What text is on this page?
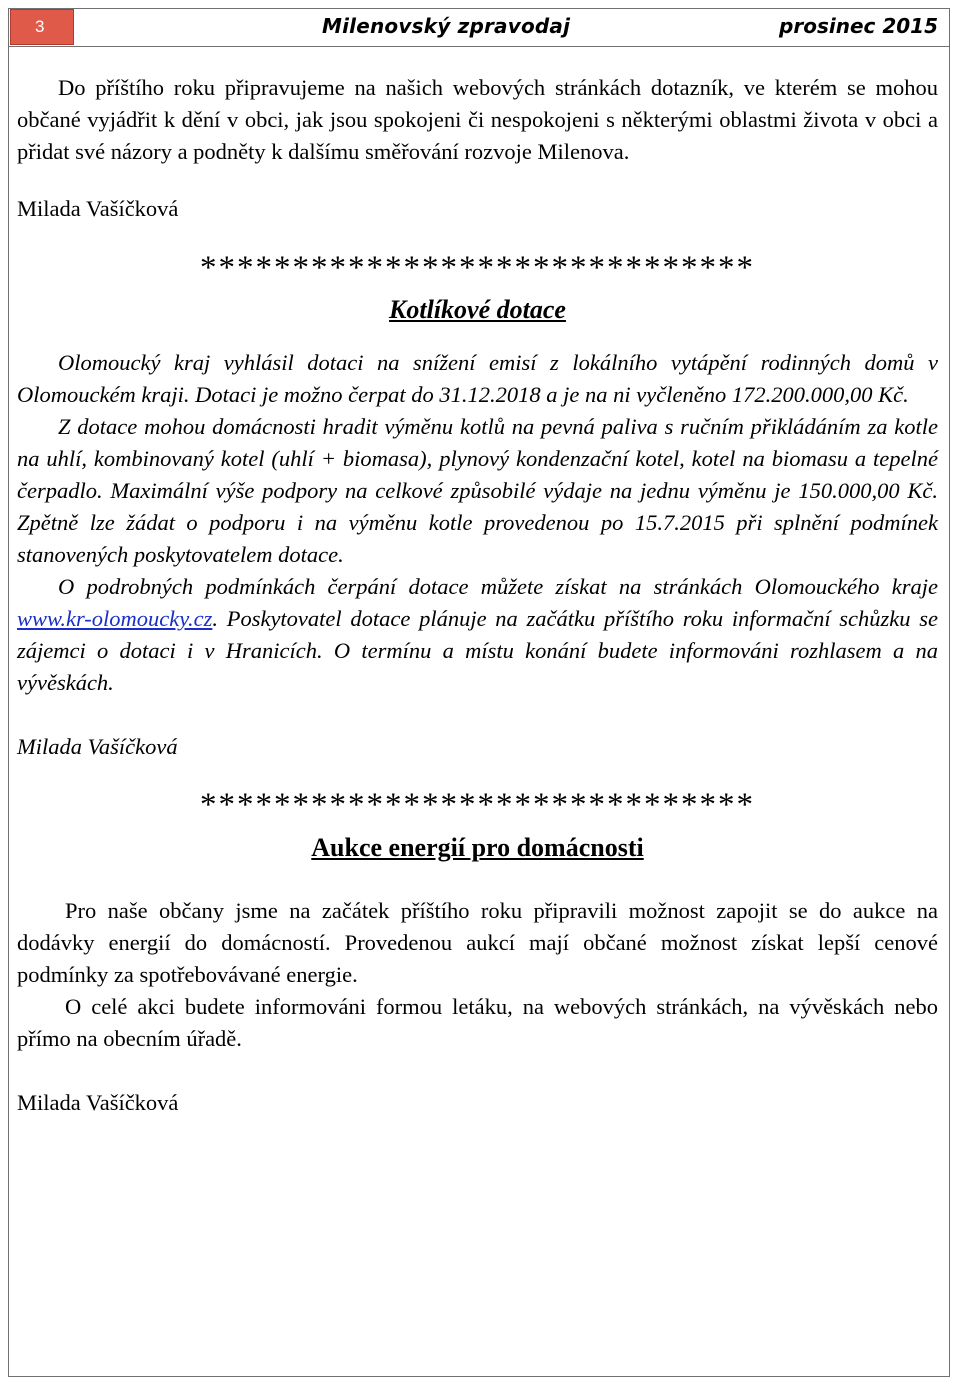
3	Milenovský zpravodaj	prosinec 2015

Do příštího roku připravujeme na našich webových stránkách dotazník, ve kterém se mohou občané vyjádřit k dění v obci, jak jsou spokojeni či nespokojeni s některými oblastmi života v obci a přidat své názory a podněty k dalšímu směřování rozvoje Milenova.

Milada Vašíčková

******************************
Kotlíkové dotace

Olomoucký kraj vyhlásil dotaci na snížení emisí z lokálního vytápění rodinných domů v Olomouckém kraji. Dotaci je možno čerpat do 31.12.2018 a je na ni vyčleněno 172.200.000,00 Kč.

Z dotace mohou domácnosti hradit výměnu kotlů na pevná paliva s ručním přikládáním za kotle na uhlí, kombinovaný kotel (uhlí + biomasa), plynový kondenzační kotel, kotel na biomasu a tepelné čerpadlo. Maximální výše podpory na celkové způsobilé výdaje na jednu výměnu je 150.000,00 Kč. Zpětně lze žádat o podporu i na výměnu kotle provedenou po 15.7.2015 při splnění podmínek stanovených poskytovatelem dotace.

O podrobných podmínkách čerpání dotace můžete získat na stránkách Olomouckého kraje www.kr-olomoucky.cz. Poskytovatel dotace plánuje na začátku příštího roku informační schůzku se zájemci o dotaci i v Hranicích. O termínu a místu konání budete informováni rozhlasem a na vývěskách.

Milada Vašíčková

******************************
Aukce energií pro domácnosti

Pro naše občany jsme na začátek příštího roku připravili možnost zapojit se do aukce na dodávky energií do domácností. Provedenou aukcí mají občané možnost získat lepší cenové podmínky za spotřebovávané energie.

O celé akci budete informováni formou letáku, na webových stránkách, na vývěskách nebo přímo na obecním úřadě.

Milada Vašíčková
